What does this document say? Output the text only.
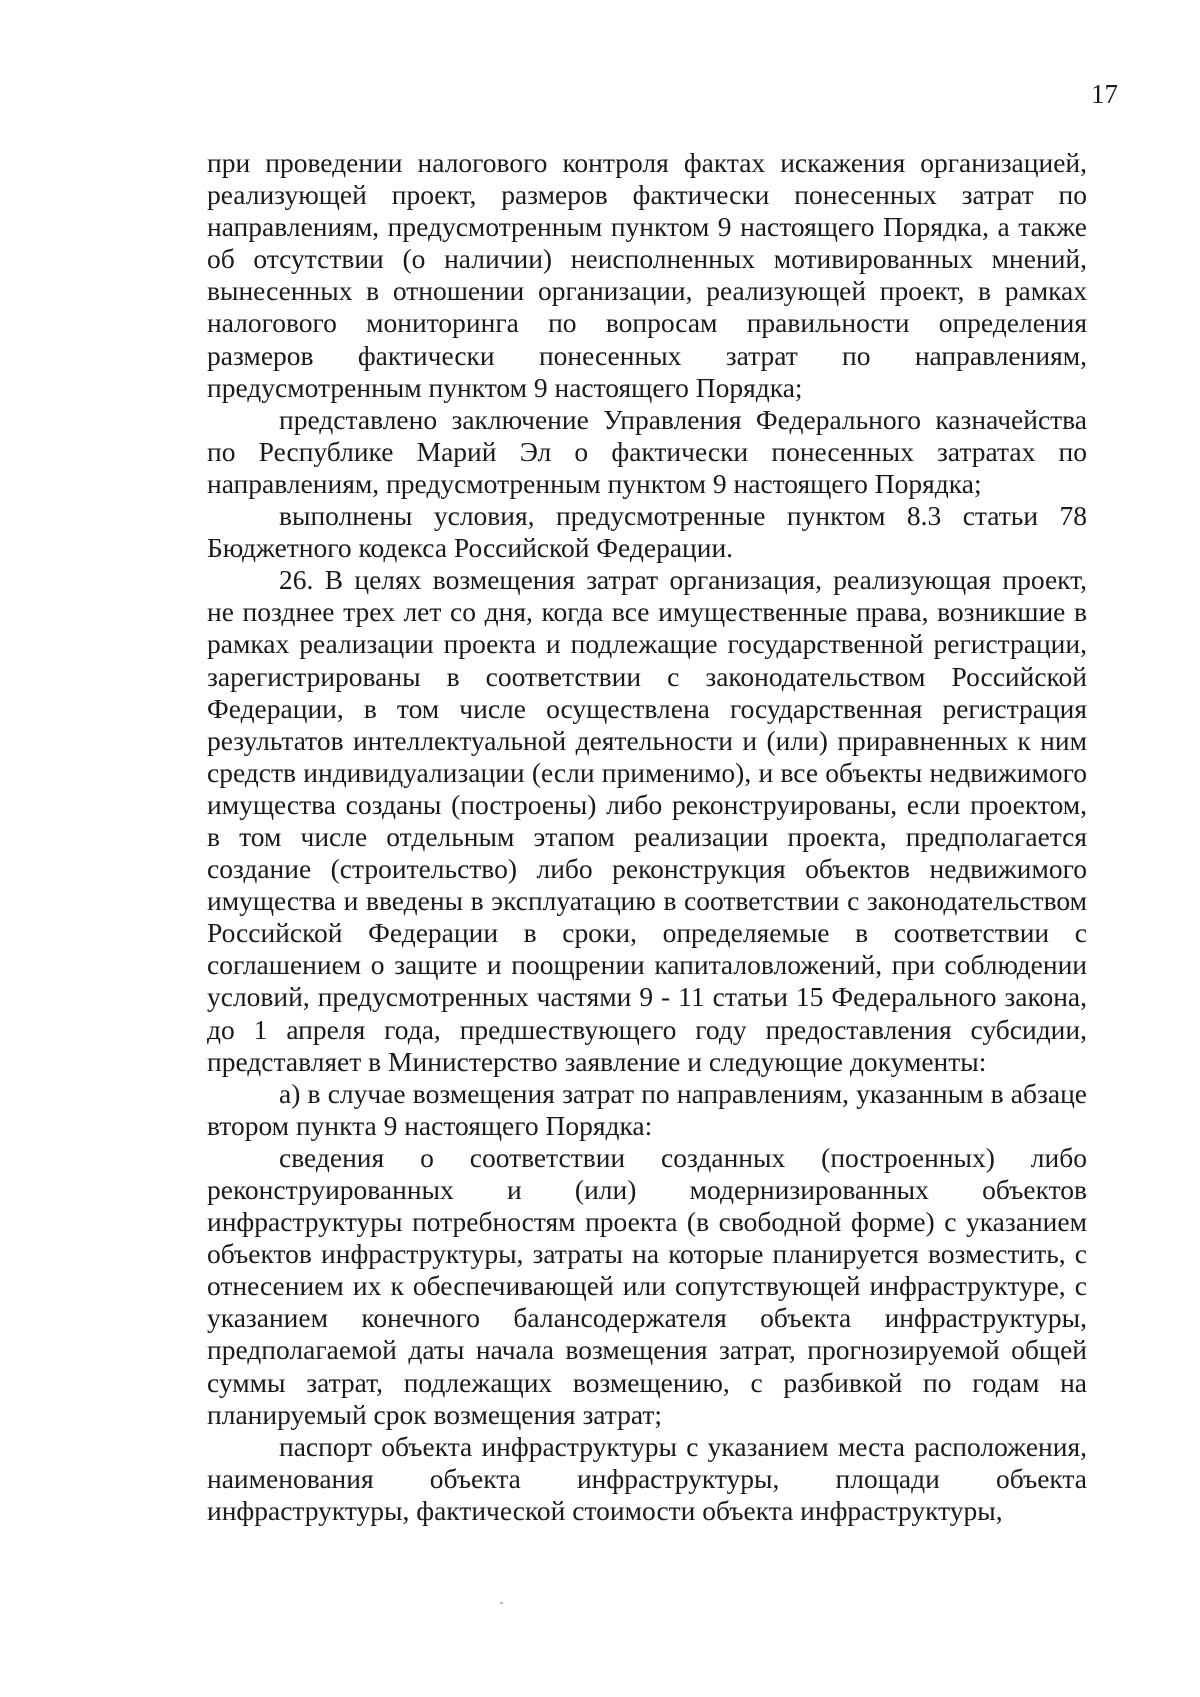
17

при проведении налогового контроля фактах искажения организацией, реализующей проект, размеров фактически понесенных затрат по направлениям, предусмотренным пунктом 9 настоящего Порядка, а также об отсутствии (о наличии) неисполненных мотивированных мнений, вынесенных в отношении организации, реализующей проект, в рамках налогового мониторинга по вопросам правильности определения размеров фактически понесенных затрат по направлениям, предусмотренным пунктом 9 настоящего Порядка;

представлено заключение Управления Федерального казначейства по Республике Марий Эл о фактически понесенных затратах по направлениям, предусмотренным пунктом 9 настоящего Порядка;

выполнены условия, предусмотренные пунктом 8.3 статьи 78 Бюджетного кодекса Российской Федерации.

26. В целях возмещения затрат организация, реализующая проект, не позднее трех лет со дня, когда все имущественные права, возникшие в рамках реализации проекта и подлежащие государственной регистрации, зарегистрированы в соответствии с законодательством Российской Федерации, в том числе осуществлена государственная регистрация результатов интеллектуальной деятельности и (или) приравненных к ним средств индивидуализации (если применимо), и все объекты недвижимого имущества созданы (построены) либо реконструированы, если проектом, в том числе отдельным этапом реализации проекта, предполагается создание (строительство) либо реконструкция объектов недвижимого имущества и введены в эксплуатацию в соответствии с законодательством Российской Федерации в сроки, определяемые в соответствии с соглашением о защите и поощрении капиталовложений, при соблюдении условий, предусмотренных частями 9 - 11 статьи 15 Федерального закона, до 1 апреля года, предшествующего году предоставления субсидии, представляет в Министерство заявление и следующие документы:

а) в случае возмещения затрат по направлениям, указанным в абзаце втором пункта 9 настоящего Порядка:

сведения о соответствии созданных (построенных) либо реконструированных и (или) модернизированных объектов инфраструктуры потребностям проекта (в свободной форме) с указанием объектов инфраструктуры, затраты на которые планируется возместить, с отнесением их к обеспечивающей или сопутствующей инфраструктуре, с указанием конечного балансодержателя объекта инфраструктуры, предполагаемой даты начала возмещения затрат, прогнозируемой общей суммы затрат, подлежащих возмещению, с разбивкой по годам на планируемый срок возмещения затрат;

паспорт объекта инфраструктуры с указанием места расположения, наименования объекта инфраструктуры, площади объекта инфраструктуры, фактической стоимости объекта инфраструктуры,
